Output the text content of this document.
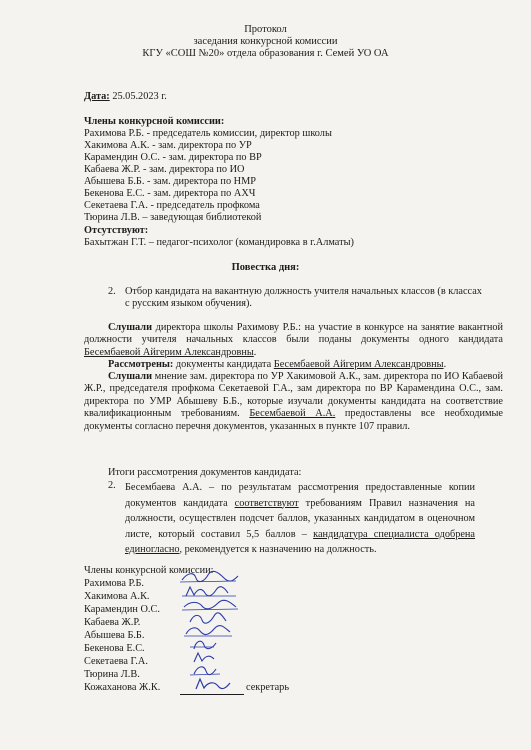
Протокол
заседания конкурсной комиссии
КГУ «СОШ №20» отдела образования г. Семей УО ОА
Дата: 25.05.2023 г.
Члены конкурсной комиссии:
Рахимова Р.Б. - председатель комиссии, директор школы
Хакимова А.К. - зам. директора по УР
Карамендин О.С. - зам. директора по ВР
Кабаева Ж.Р. - зам. директора по ИО
Абышева Б.Б. - зам. директора по НМР
Бекенова Е.С. - зам. директора по АХЧ
Секетаева Г.А. - председатель профкома
Тюрина Л.В. – заведующая библиотекой
Отсутствуют:
Бахытжан Г.Т. – педагог-психолог (командировка в г.Алматы)
Повестка дня:
2. Отбор кандидата на вакантную должность учителя начальных классов (в классах
с русским языком обучения).
Слушали директора школы Рахимову Р.Б.: на участие в конкурсе на занятие вакантной должности учителя начальных классов были поданы документы одного кандидата Бесембаевой Айгерим Александровны.
Рассмотрены: документы кандидата Бесембаевой Айгерим Александровны.
Слушали мнение зам. директора по УР Хакимовой А.К., зам. директора по ИО Кабаевой Ж.Р., председателя профкома Секетаевой Г.А., зам директора по ВР Карамендина О.С., зам. директора по УМР Абышеву Б.Б., которые изучали документы кандидата на соответствие квалификационным требованиям. Бесембаевой А.А. предоставлены все необходимые документы согласно перечня документов, указанных в пункте 107 правил.
Итоги рассмотрения документов кандидата:
2. Бесембаева А.А. – по результатам рассмотрения предоставленные копии документов кандидата соответствуют требованиям Правил назначения на должности, осуществлен подсчет баллов, указанных кандидатом в оценочном листе, который составил 5,5 баллов – кандидатура специалиста одобрена единогласно, рекомендуется к назначению на должность.
Члены конкурсной комиссии:
Рахимова Р.Б.
Хакимова А.К.
Карамендин О.С.
Кабаева Ж.Р.
Абышева Б.Б.
Бекенова Е.С.
Секетаева Г.А.
Тюрина Л.В.
Кожаханова Ж.К.	секретарь
